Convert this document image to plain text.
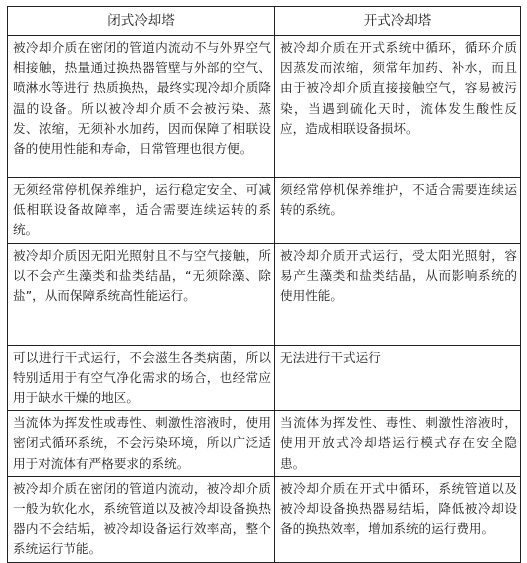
闭式冷却塔	开式冷却塔
被冷却介质在密闭的管道内流动不与外界空气相接触，热量通过换热器管壁与外部的空气、喷淋水等进行 热质换热，最终实现冷却介质降温的设备。所以被冷却介质不会被污染、蒸发、浓缩，无须补水加药，因而保障了相联设备的使用性能和寿命，日常管理也很方便。	被冷却介质在开式系统中循环，循环介质因蒸发而浓缩，须常年加药、补水，而且由于被冷却介质直接接触空气，容易被污染，当遇到硫化天时，流体发生酸性反应，造成相联设备损坏。
无须经常停机保养维护，运行稳定安全、可减低相联设备故障率，适合需要连续运转的系统。	须经常停机保养维护，不适合需要连续运转的系统。
被冷却介质因无阳光照射且不与空气接触，所以不会产生藻类和盐类结晶，“无须除藻、除盐”，从而保障系统高性能运行。	被冷却介质开式运行，受太阳光照射，容易产生藻类和盐类结晶，从而影响系统的使用性能。
可以进行干式运行，不会滋生各类病菌，所以特别适用于有空气净化需求的场合，也经常应用于缺水干燥的地区。	无法进行干式运行
当流体为挥发性或毒性、刺激性溶液时，使用密闭式循环系统，不会污染环境，所以广泛适用于对流体有严格要求的系统。	当流体为挥发性、毒性、刺激性溶液时，使用开放式冷却塔运行模式存在安全隐患。
被冷却介质在密闭的管道内流动，被冷却介质一般为软化水，系统管道以及被冷却设备换热器内不会结垢，被冷却设备运行效率高，整个系统运行节能。	被冷却介质在开式中循环，系统管道以及被冷却设备换热器易结垢，降低被冷却设备的换热效率，增加系统的运行费用。
